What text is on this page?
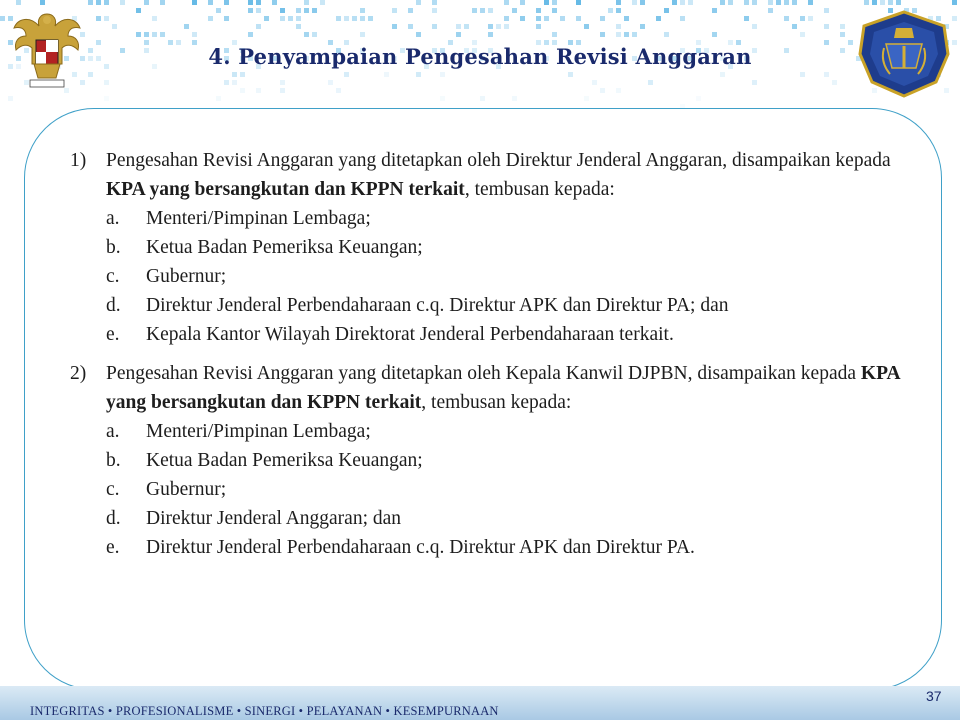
4. Penyampaian Pengesahan Revisi Anggaran
1) Pengesahan Revisi Anggaran yang ditetapkan oleh Direktur Jenderal Anggaran, disampaikan kepada KPA yang bersangkutan dan KPPN terkait, tembusan kepada:
a. Menteri/Pimpinan Lembaga;
b. Ketua Badan Pemeriksa Keuangan;
c. Gubernur;
d. Direktur Jenderal Perbendaharaan c.q. Direktur APK dan Direktur PA; dan
e. Kepala Kantor Wilayah Direktorat Jenderal Perbendaharaan terkait.
2) Pengesahan Revisi Anggaran yang ditetapkan oleh Kepala Kanwil DJPBN, disampaikan kepada KPA yang bersangkutan dan KPPN terkait, tembusan kepada:
a. Menteri/Pimpinan Lembaga;
b. Ketua Badan Pemeriksa Keuangan;
c. Gubernur;
d. Direktur Jenderal Anggaran; dan
e. Direktur Jenderal Perbendaharaan c.q. Direktur APK dan Direktur PA.
INTEGRITAS • PROFESIONALISME • SINERGI • PELAYANAN • KESEMPURNAAN
37
